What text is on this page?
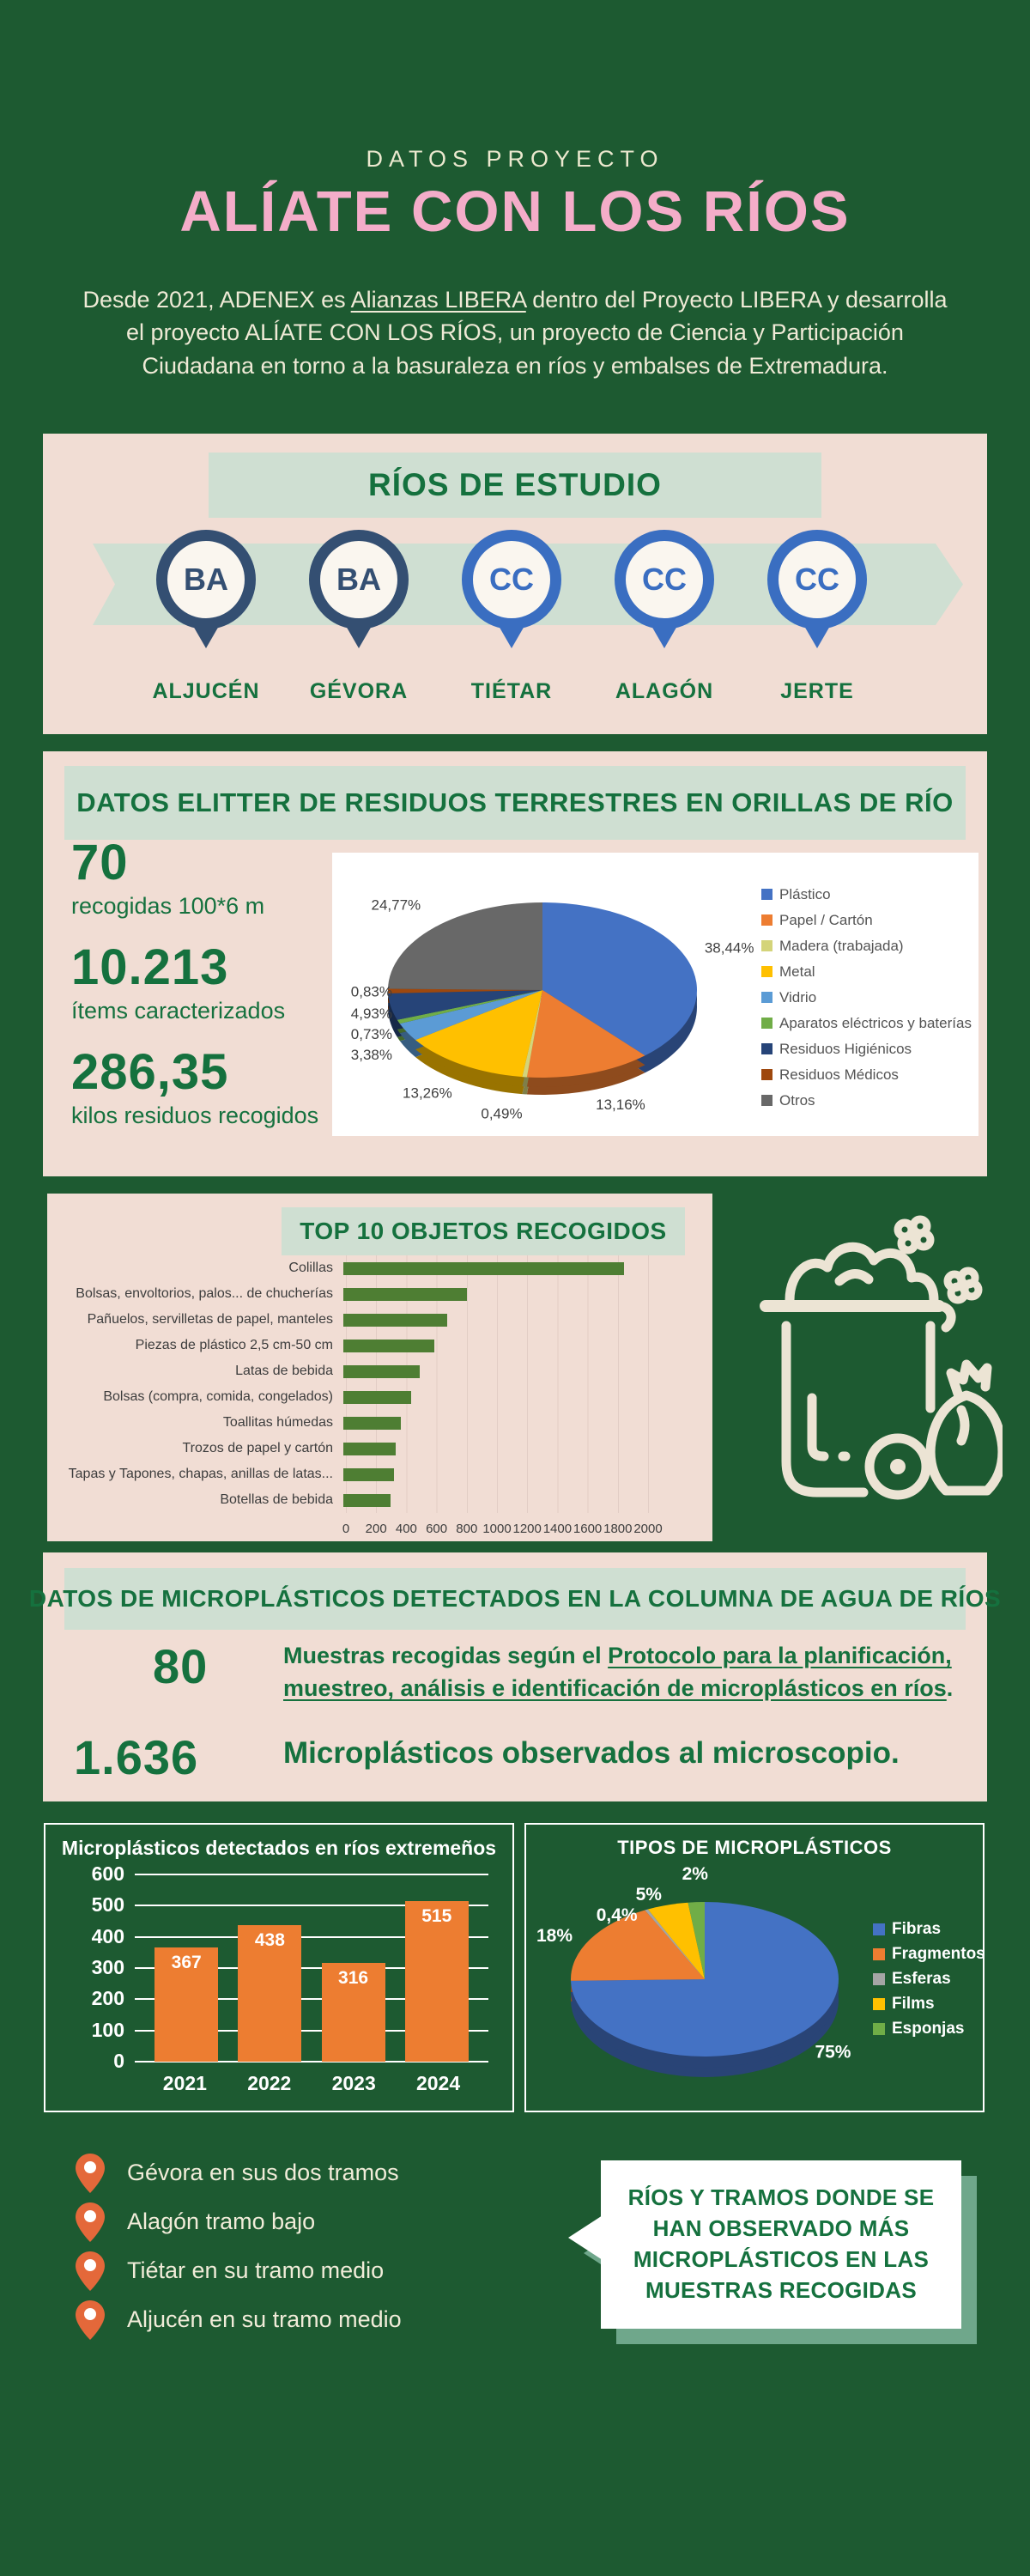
DATOS PROYECTO
ALÍATE CON LOS RÍOS
Desde 2021, ADENEX es Alianzas LIBERA dentro del Proyecto LIBERA y desarrolla el proyecto ALÍATE CON LOS RÍOS, un proyecto de Ciencia y Participación Ciudadana en torno a la basuraleza en ríos y embalses de Extremadura.
RÍOS DE ESTUDIO
BA	BA	CC	CC	CC
ALJUCÉN	GÉVORA	TIÉTAR	ALAGÓN	JERTE
DATOS ELITTER DE RESIDUOS TERRESTRES EN ORILLAS DE RÍO
70
recogidas 100*6 m
10.213
ítems caracterizados
286,35
kilos residuos recogidos
38,44%
13,16%
0,49%
13,26%
3,38%
0,73%
4,93%
0,83%
24,77%
Plástico
Papel / Cartón
Madera (trabajada)
Metal
Vidrio
Aparatos eléctricos y baterías
Residuos Higiénicos
Residuos Médicos
Otros
TOP 10 OBJETOS RECOGIDOS
Colillas
Bolsas, envoltorios, palos... de chucherías
Pañuelos, servilletas de papel, manteles
Piezas de plástico 2,5 cm-50 cm
Latas de bebida
Bolsas (compra, comida, congelados)
Toallitas húmedas
Trozos de papel y cartón
Tapas y Tapones, chapas, anillas de latas...
Botellas de bebida
0 200 400 600 800 1000 1200 1400 1600 1800 2000
DATOS DE MICROPLÁSTICOS DETECTADOS EN LA COLUMNA DE AGUA DE RÍOS
80	Muestras recogidas según el Protocolo para la planificación, muestreo, análisis e identificación de microplásticos en ríos.
1.636	Microplásticos observados al microscopio.
Microplásticos detectados en ríos extremeños
0
100
200
300
400
500
600
367
438
316
515
2021	2022	2023	2024
TIPOS DE MICROPLÁSTICOS
75%
18%
0,4%
5%
2%
Fibras
Fragmentos
Esferas
Films
Esponjas
Gévora en sus dos tramos
Alagón tramo bajo
Tiétar en su tramo medio
Aljucén en su tramo medio
RÍOS Y TRAMOS DONDE SE HAN OBSERVADO MÁS MICROPLÁSTICOS EN LAS MUESTRAS RECOGIDAS
